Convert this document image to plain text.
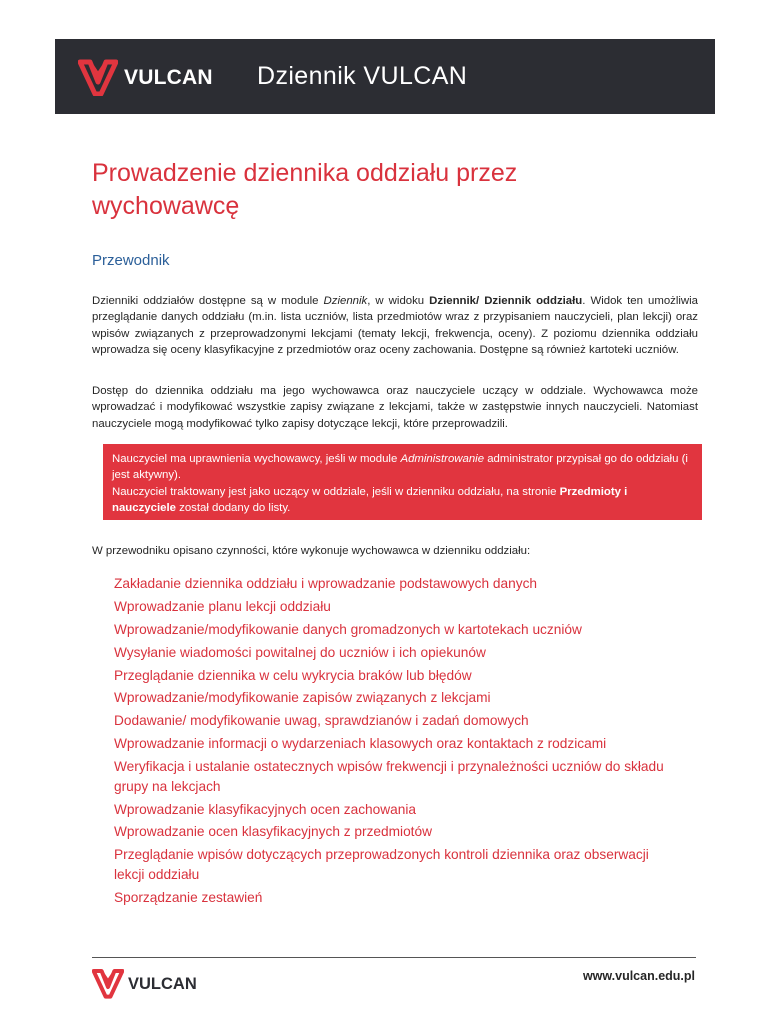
VULCAN Dziennik VULCAN
Prowadzenie dziennika oddziału przez wychowawcę
Przewodnik

Dzienniki oddziałów dostępne są w module Dziennik, w widoku Dziennik/ Dziennik oddziału. Widok ten umożliwia przeglądanie danych oddziału (m.in. lista uczniów, lista przedmiotów wraz z przypisaniem nauczycieli, plan lekcji) oraz wpisów związanych z przeprowadzonymi lekcjami (tematy lekcji, frekwencja, oceny). Z poziomu dziennika oddziału wprowadza się oceny klasyfikacyjne z przedmiotów oraz oceny zachowania. Dostępne są również kartoteki uczniów.

Dostęp do dziennika oddziału ma jego wychowawca oraz nauczyciele uczący w oddziale. Wychowawca może wprowadzać i modyfikować wszystkie zapisy związane z lekcjami, także w zastępstwie innych nauczycieli. Natomiast nauczyciele mogą modyfikować tylko zapisy dotyczące lekcji, które przeprowadzili.

Nauczyciel ma uprawnienia wychowawcy, jeśli w module Administrowanie administrator przypisał go do oddziału (i jest aktywny).

Nauczyciel traktowany jest jako uczący w oddziale, jeśli w dzienniku oddziału, na stronie Przedmioty i nauczyciele został dodany do listy.

W przewodniku opisano czynności, które wykonuje wychowawca w dzienniku oddziału:

Zakładanie dziennika oddziału i wprowadzanie podstawowych danych
Wprowadzanie planu lekcji oddziału
Wprowadzanie/modyfikowanie danych gromadzonych w kartotekach uczniów
Wysyłanie wiadomości powitalnej do uczniów i ich opiekunów
Przeglądanie dziennika w celu wykrycia braków lub błędów
Wprowadzanie/modyfikowanie zapisów związanych z lekcjami
Dodawanie/ modyfikowanie uwag, sprawdzianów i zadań domowych
Wprowadzanie informacji o wydarzeniach klasowych oraz kontaktach z rodzicami
Weryfikacja i ustalanie ostatecznych wpisów frekwencji i przynależności uczniów do składu grupy na lekcjach
Wprowadzanie klasyfikacyjnych ocen zachowania
Wprowadzanie ocen klasyfikacyjnych z przedmiotów
Przeglądanie wpisów dotyczących przeprowadzonych kontroli dziennika oraz obserwacji lekcji oddziału
Sporządzanie zestawień
VULCAN	www.vulcan.edu.pl
